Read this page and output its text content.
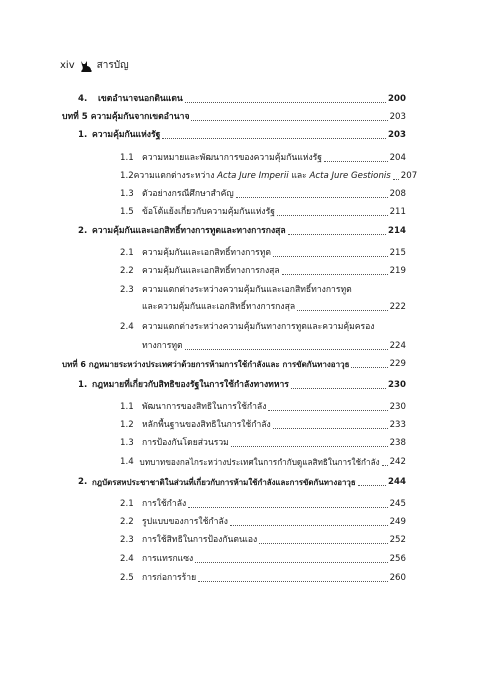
xiv สารบัญ
4.	เขตอำนาจนอกดินแดน	200
บทที่ 5 ความคุ้มกันจากเขตอำนาจ	203
1. ความคุ้มกันแห่งรัฐ	203
1.1 ความหมายและพัฒนาการของความคุ้มกันแห่งรัฐ	204
1.2 ความแตกต่างระหว่าง Acta Jure Imperii และ Acta Jure Gestionis 207
1.3 ตัวอย่างกรณีศึกษาสำคัญ	208
1.5 ข้อโต้แย้งเกี่ยวกับความคุ้มกันแห่งรัฐ	211
2. ความคุ้มกันและเอกสิทธิ์ทางการทูตและทางการกงสุล	214
2.1 ความคุ้มกันและเอกสิทธิ์ทางการทูต	215
2.2 ความคุ้มกันและเอกสิทธิ์ทางการกงสุล	219
2.3 ความแตกต่างระหว่างความคุ้มกันและเอกสิทธิ์ทางการทูต
และความคุ้มกันและเอกสิทธิ์ทางการกงสุล	222
2.4 ความแตกต่างระหว่างความคุ้มกันทางการทูตและความคุ้มครอง
ทางการทูต	224
บทที่ 6 กฎหมายระหว่างประเทศว่าด้วยการห้ามการใช้กำลังและ การขัดกันทางอาวุธ	229
1. กฎหมายที่เกี่ยวกับสิทธิของรัฐในการใช้กำลังทางทหาร	230
1.1 พัฒนาการของสิทธิในการใช้กำลัง	230
1.2 หลักพื้นฐานของสิทธิในการใช้กำลัง	233
1.3 การป้องกันโดยส่วนรวม	238
1.4 บทบาทของกลไกระหว่างประเทศในการกำกับดูแลสิทธิในการใช้กำลัง 242
2. กฎบัตรสหประชาชาติในส่วนที่เกี่ยวกับการห้ามใช้กำลังและการขัดกันทางอาวุธ	244
2.1 การใช้กำลัง	245
2.2 รูปแบบของการใช้กำลัง	249
2.3 การใช้สิทธิในการป้องกันตนเอง	252
2.4 การแทรกแซง	256
2.5 การก่อการร้าย	260
